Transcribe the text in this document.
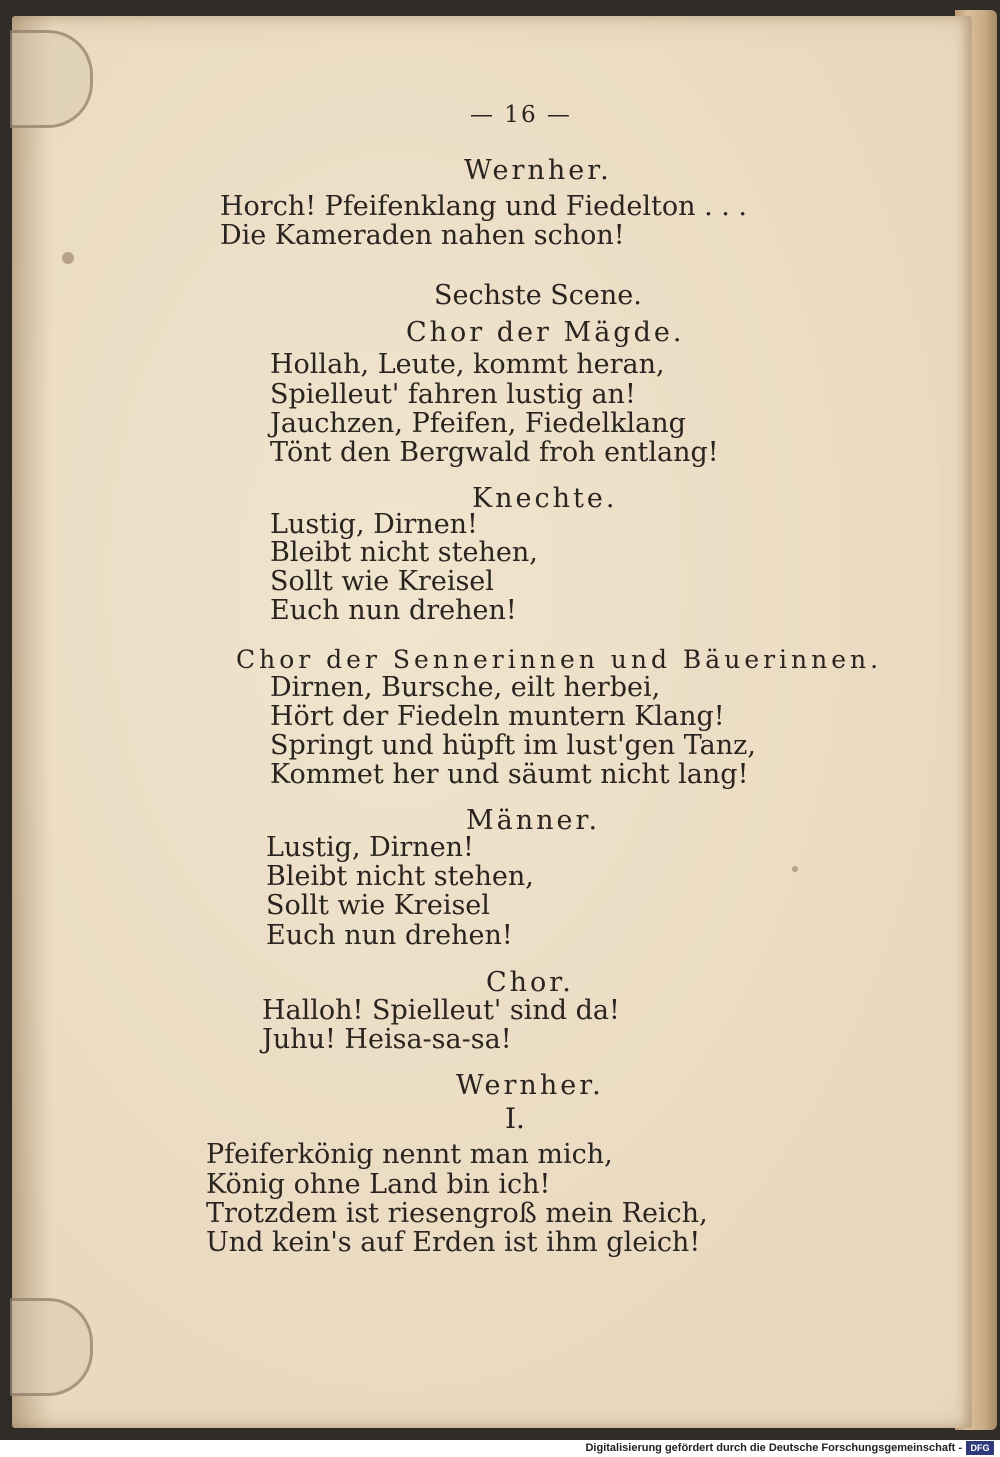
— 16 —
Wernher.
Horch! Pfeifenklang und Fiedelton . . .
Die Kameraden nahen schon!
Sechste Scene.
Chor der Mägde.
Hollah, Leute, kommt heran,
Spielleut' fahren lustig an!
Jauchzen, Pfeifen, Fiedelklang
Tönt den Bergwald froh entlang!
Knechte.
Lustig, Dirnen!
Bleibt nicht stehen,
Sollt wie Kreisel
Euch nun drehen!
Chor der Sennerinnen und Bäuerinnen.
Dirnen, Bursche, eilt herbei,
Hört der Fiedeln muntern Klang!
Springt und hüpft im lust'gen Tanz,
Kommet her und säumt nicht lang!
Männer.
Lustig, Dirnen!
Bleibt nicht stehen,
Sollt wie Kreisel
Euch nun drehen!
Chor.
Halloh! Spielleut' sind da!
Juhu! Heisa-sa-sa!
Wernher.
I.
Pfeiferkönig nennt man mich,
König ohne Land bin ich!
Trotzdem ist riesengroß mein Reich,
Und kein's auf Erden ist ihm gleich!
Digitalisierung gefördert durch die Deutsche Forschungsgemeinschaft - DFG
